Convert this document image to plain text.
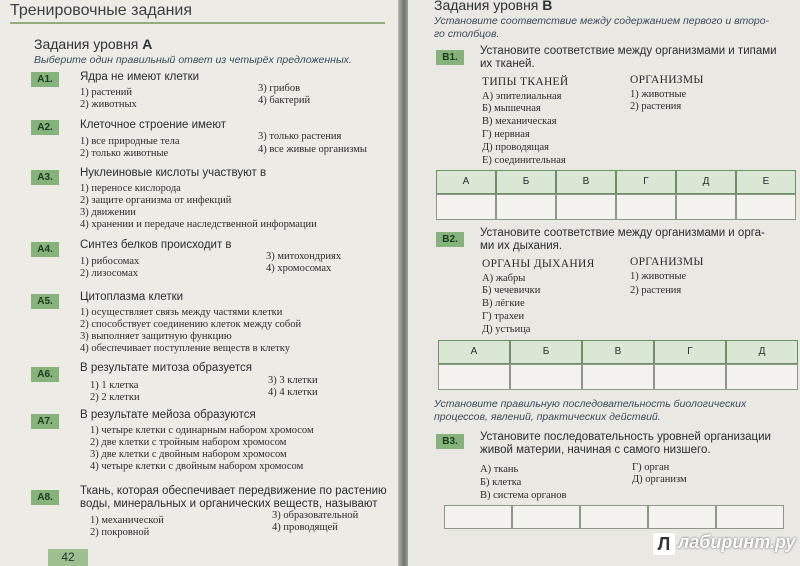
Тренировочные задания
Задания уровня А
Выберите один правильный ответ из четырёх предложенных.
А1.	Ядра не имеют клетки
1) растений
2) животных
3) грибов
4) бактерий
А2.	Клеточное строение имеют
1) все природные тела
2) только животные
3) только растения
4) все живые организмы
А3.	Нуклеиновые кислоты участвуют в
1) переносе кислорода
2) защите организма от инфекций
3) движении
4) хранении и передаче наследственной информации
А4.	Синтез белков происходит в
1) рибосомах
2) лизосомах
3) митохондриях
4) хромосомах
А5.	Цитоплазма клетки
1) осуществляет связь между частями клетки
2) способствует соединению клеток между собой
3) выполняет защитную функцию
4) обеспечивает поступление веществ в клетку
А6.
В результате митоза образуется
1) 1 клетка
2) 2 клетки
3) 3 клетки
4) 4 клетки
А7.
В результате мейоза образуются
1) четыре клетки с одинарным набором хромосом
2) две клетки с тройным набором хромосом
3) две клетки с двойным набором хромосом
4) четыре клетки с двойным набором хромосом
А8.
Ткань, которая обеспечивает передвижение по растению
воды, минеральных и органических веществ, называют
1) механической
2) покровной
3) образовательной
4) проводящей
42
Задания уровня В
Установите соответствие между содержанием первого и второ-
го столбцов.
В1.
Установите соответствие между организмами и типами
их тканей.
ТИПЫ ТКАНЕЙ	ОРГАНИЗМЫ
А) эпителиальная
Б) мышечная
В) механическая
Г) нервная
Д) проводящая
Е) соединительная
1) животные
2) растения
А	Б	В	Г	Д	Е
В2.
Установите соответствие между организмами и орга-
ми их дыхания.
ОРГАНЫ ДЫХАНИЯ	ОРГАНИЗМЫ
А) жабры
Б) чечевички
В) лёгкие
Г) трахеи
Д) устьица
1) животные
2) растения
А	Б	В	Г	Д
Установите правильную последовательность биологических
процессов, явлений, практических действий.
В3.	Установите последовательность уровней организации
живой материи, начиная с самого низшего.
А) ткань
Б) клетка
В) система органов
Г) орган
Д) организм
Л лабиринт.ру
